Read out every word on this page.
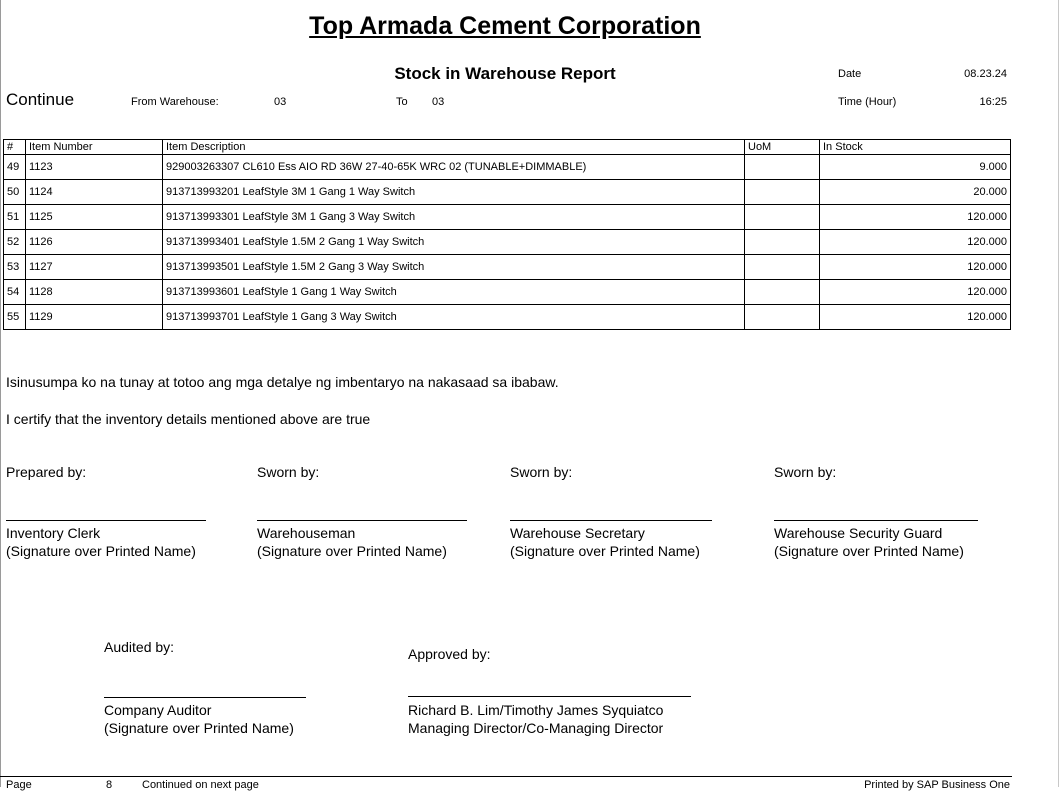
Top Armada Cement Corporation
Stock in Warehouse Report
Continue	From Warehouse:	03	To 03
Date	08.23.24
Time (Hour)	16:25
#	Item Number	Item Description	UoM	In Stock
49	1123	929003263307 CL610 Ess AIO RD 36W 27-40-65K WRC 02 (TUNABLE+DIMMABLE)		9.000
50	1124	913713993201 LeafStyle 3M 1 Gang 1 Way Switch		20.000
51	1125	913713993301 LeafStyle 3M 1 Gang 3 Way Switch		120.000
52	1126	913713993401 LeafStyle 1.5M 2 Gang 1 Way Switch		120.000
53	1127	913713993501 LeafStyle 1.5M 2 Gang 3 Way Switch		120.000
54	1128	913713993601 LeafStyle 1 Gang 1 Way Switch		120.000
55	1129	913713993701 LeafStyle 1 Gang 3 Way Switch		120.000
Isinusumpa ko na tunay at totoo ang mga detalye ng imbentaryo na nakasaad sa ibabaw.
I certify that the inventory details mentioned above are true
Prepared by:
Inventory Clerk
(Signature over Printed Name)
Sworn by:
Warehouseman
(Signature over Printed Name)
Sworn by:
Warehouse Secretary
(Signature over Printed Name)
Sworn by:
Warehouse Security Guard
(Signature over Printed Name)
Audited by:
Company Auditor
(Signature over Printed Name)
Approved by:
Richard B. Lim/Timothy James Syquiatco
Managing Director/Co-Managing Director
Page	8	Continued on next page	Printed by SAP Business One
